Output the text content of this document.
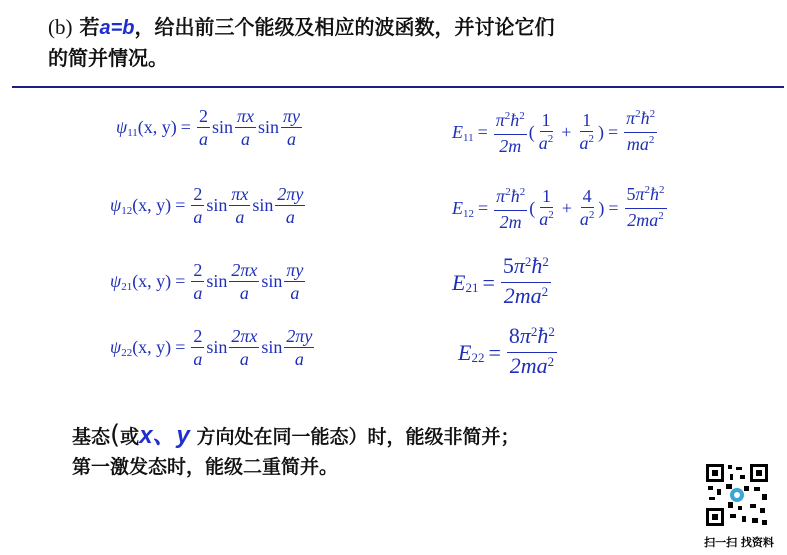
(b) 若a=b，给出前三个能级及相应的波函数，并讨论它们
的简并情况。
ψ 11 (x, $y) = \frac{2}{a}$ $\sin \frac{\pi x}{a}$ $\sin \frac{\pi y}{a}$
ψ 12 (x, $y) = \frac{2}{a}$ $\sin \frac{\pi x}{a}$ $\sin \frac{2\pi y}{a}$
ψ 21 (x, $y) = \frac{2}{a}$ $\sin \frac{2\pi x}{a}$ $\sin \frac{\pi y}{a}$
ψ 22 (x, $y) = \frac{2}{a}$ $\sin \frac{2\pi x}{a}$ $\sin \frac{2\pi y}{a}$
E $11 = \frac{\pi^2ħ^2}{2m}$ ( $\frac{1}{a^2} + \frac{1}{a^2}$ ) = $\frac{\pi^2ħ^2}{ma^2}$
E $12 = \frac{\pi^2ħ^2}{2m}$ ( $\frac{1}{a^2} + \frac{4}{a^2}$ ) = $\frac{5\pi^2ħ^2}{2ma^2}$
E $21 = \frac{5\pi^2ħ^2}{2ma^2}$
E $22 = \frac{8\pi^2ħ^2}{2ma^2}$
基态(或x、y 方向处在同一能态）时，能级非简并；
第一激发态时，能级二重简并。
扫一扫 找资料
